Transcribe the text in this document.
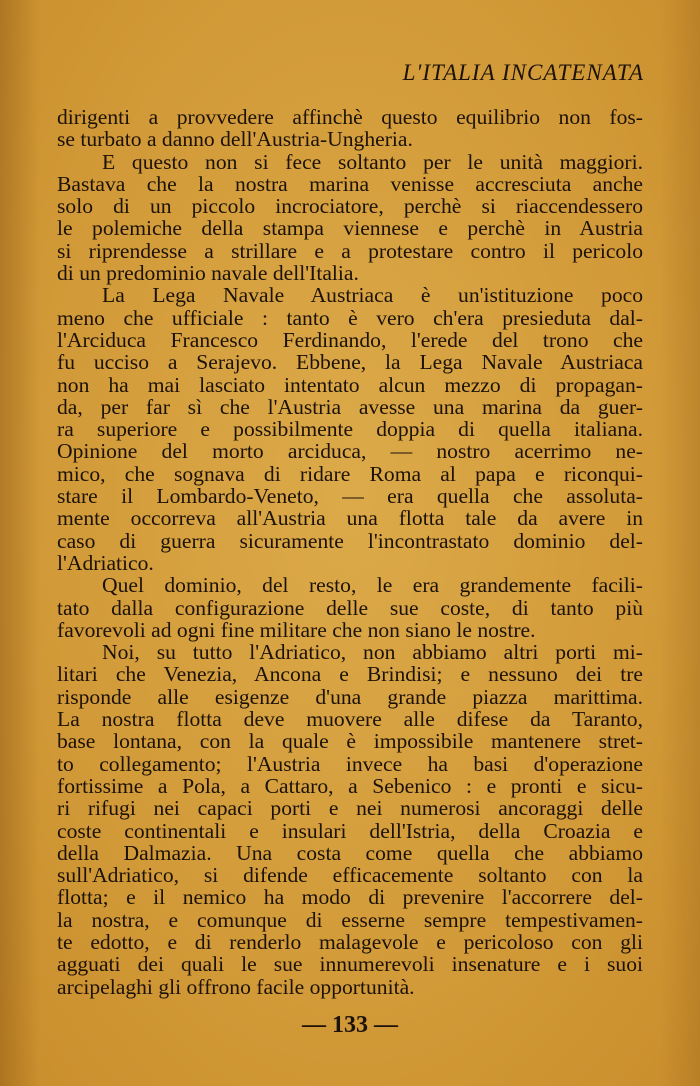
L'ITALIA INCATENATA
dirigenti a provvedere affinchè questo equilibrio non fos-
se turbato a danno dell'Austria-Ungheria.
E questo non si fece soltanto per le unità maggiori.
Bastava che la nostra marina venisse accresciuta anche
solo di un piccolo incrociatore, perchè si riaccendessero
le polemiche della stampa viennese e perchè in Austria
si riprendesse a strillare e a protestare contro il pericolo
di un predominio navale dell'Italia.
La Lega Navale Austriaca è un'istituzione poco
meno che ufficiale : tanto è vero ch'era presieduta dal-
l'Arciduca Francesco Ferdinando, l'erede del trono che
fu ucciso a Serajevo. Ebbene, la Lega Navale Austriaca
non ha mai lasciato intentato alcun mezzo di propagan-
da, per far sì che l'Austria avesse una marina da guer-
ra superiore e possibilmente doppia di quella italiana.
Opinione del morto arciduca, — nostro acerrimo ne-
mico, che sognava di ridare Roma al papa e riconqui-
stare il Lombardo-Veneto, — era quella che assoluta-
mente occorreva all'Austria una flotta tale da avere in
caso di guerra sicuramente l'incontrastato dominio del-
l'Adriatico.
Quel dominio, del resto, le era grandemente facili-
tato dalla configurazione delle sue coste, di tanto più
favorevoli ad ogni fine militare che non siano le nostre.
Noi, su tutto l'Adriatico, non abbiamo altri porti mi-
litari che Venezia, Ancona e Brindisi; e nessuno dei tre
risponde alle esigenze d'una grande piazza marittima.
La nostra flotta deve muovere alle difese da Taranto,
base lontana, con la quale è impossibile mantenere stret-
to collegamento; l'Austria invece ha basi d'operazione
fortissime a Pola, a Cattaro, a Sebenico : e pronti e sicu-
ri rifugi nei capaci porti e nei numerosi ancoraggi delle
coste continentali e insulari dell'Istria, della Croazia e
della Dalmazia. Una costa come quella che abbiamo
sull'Adriatico, si difende efficacemente soltanto con la
flotta; e il nemico ha modo di prevenire l'accorrere del-
la nostra, e comunque di esserne sempre tempestivamen-
te edotto, e di renderlo malagevole e pericoloso con gli
agguati dei quali le sue innumerevoli insenature e i suoi
arcipelaghi gli offrono facile opportunità.
— 133 —
